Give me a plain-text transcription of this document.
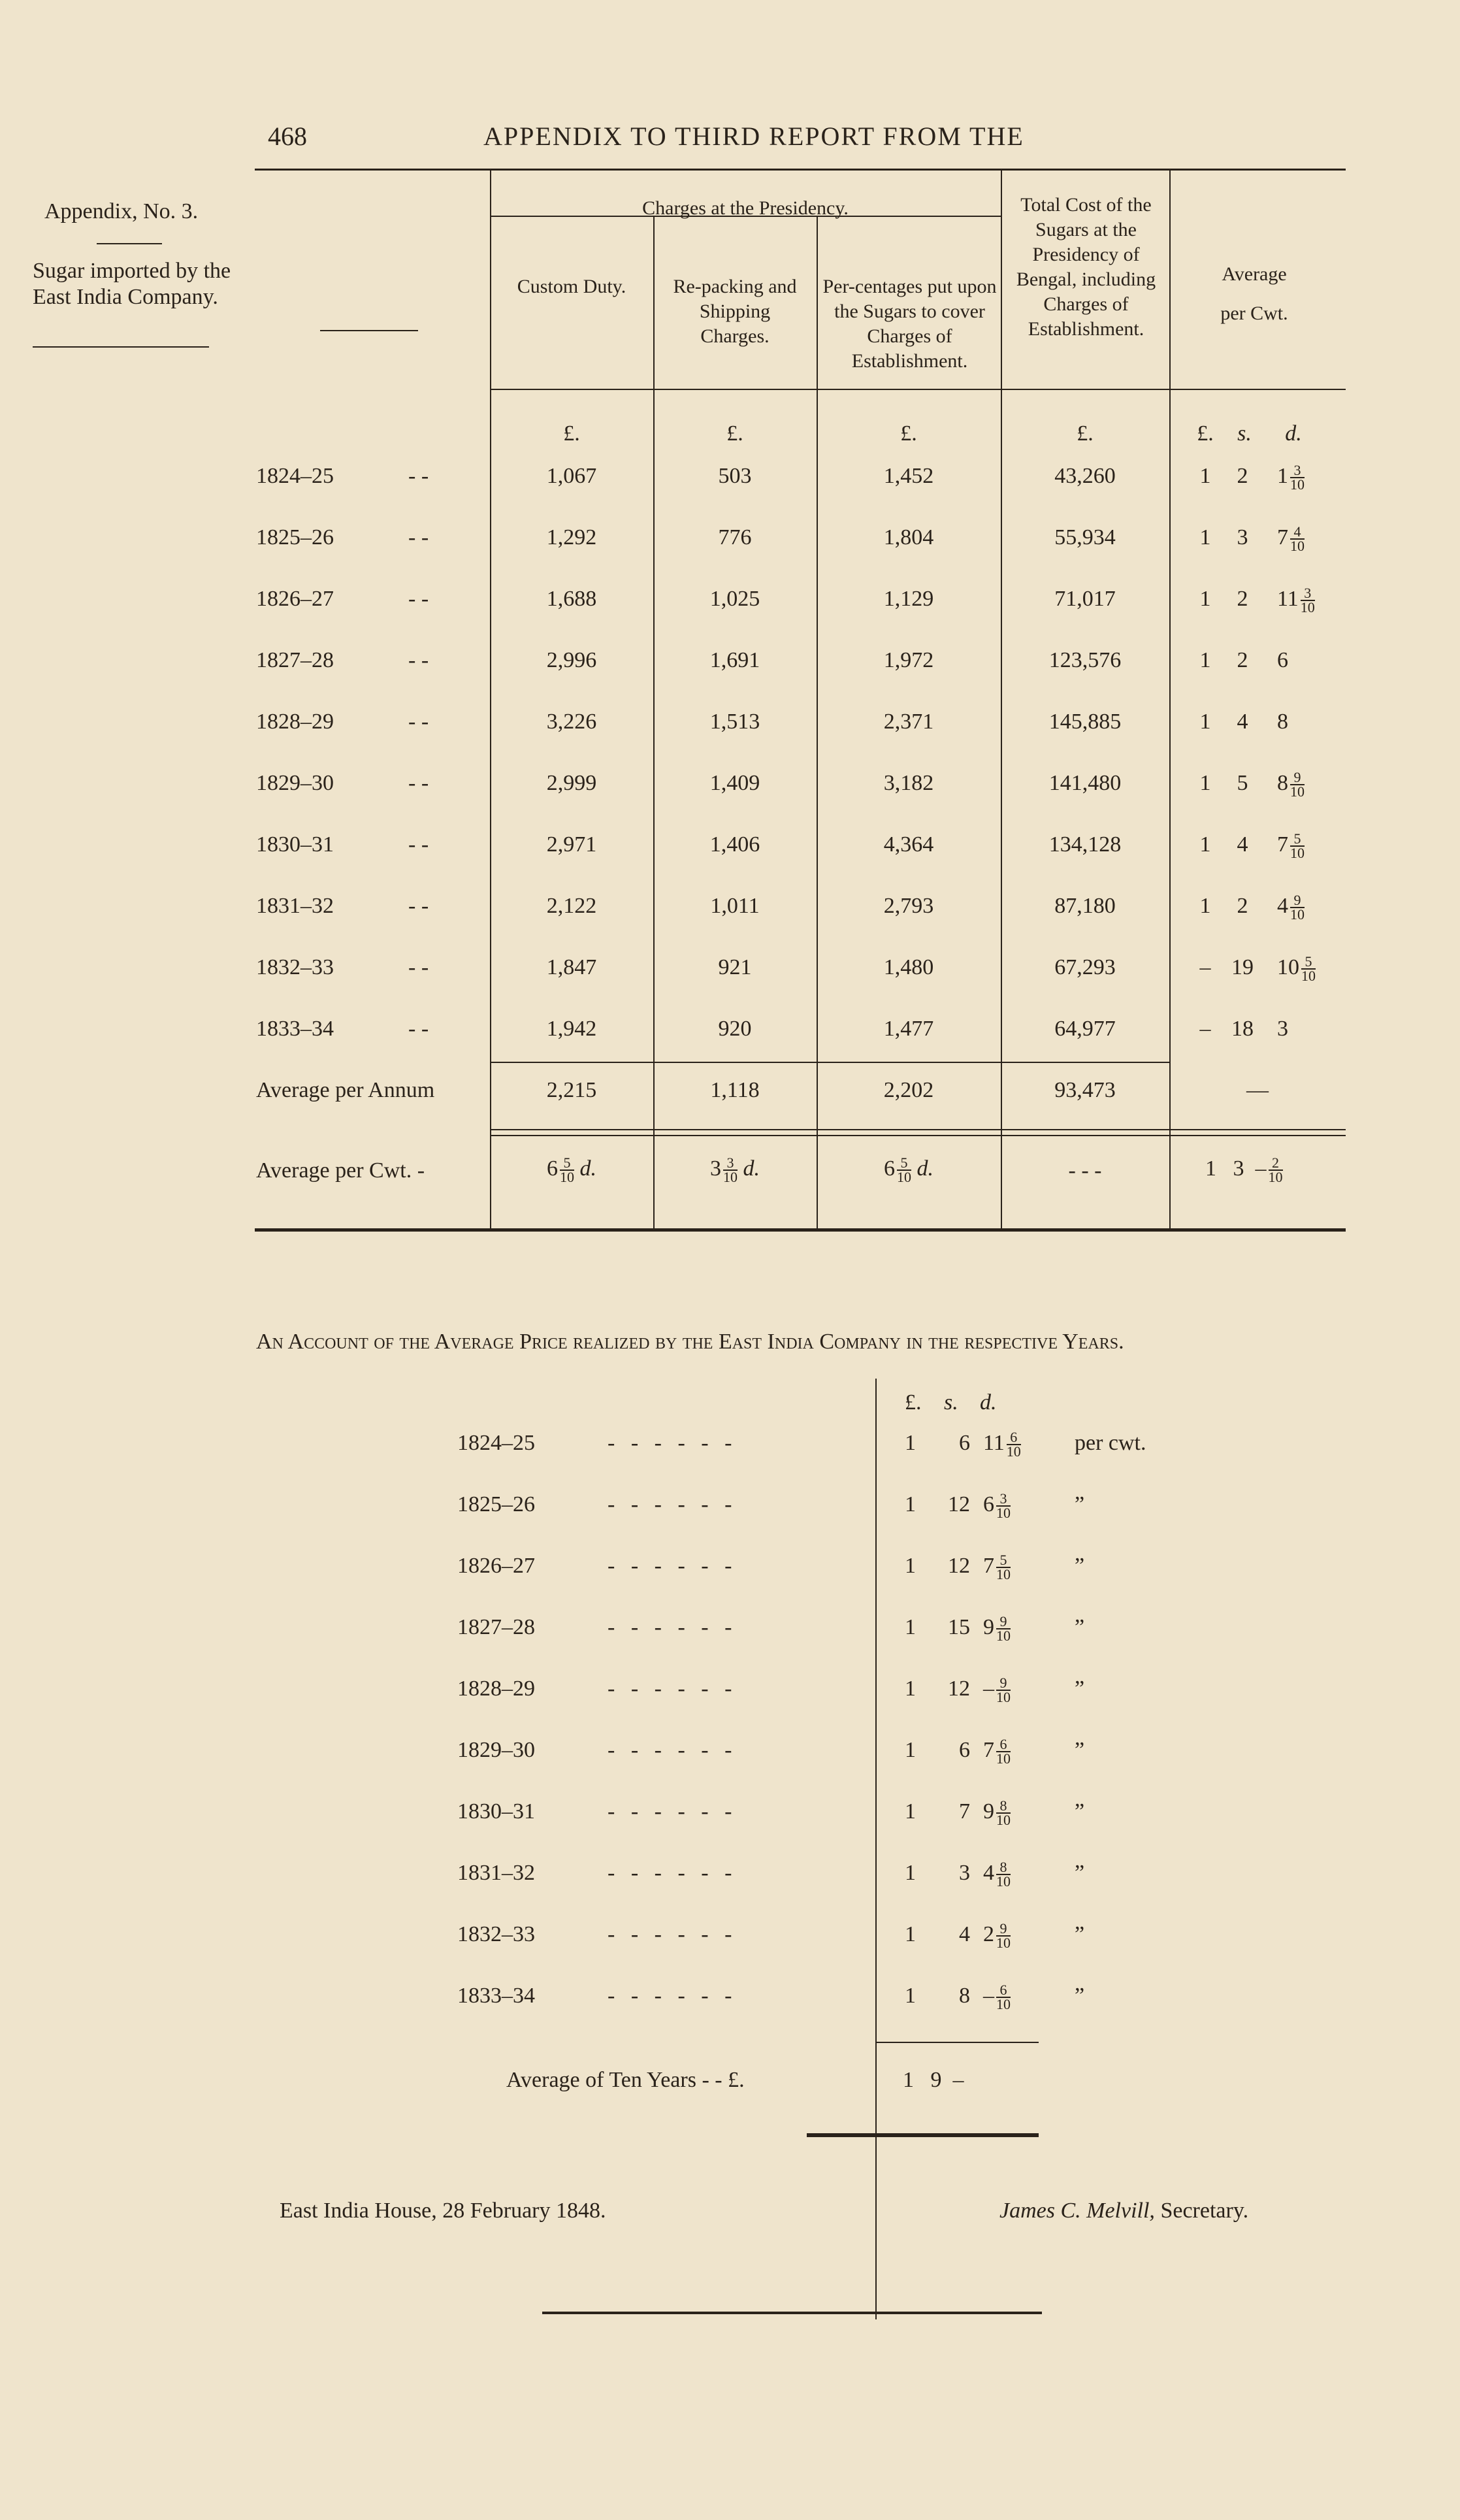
468	APPENDIX TO THIRD REPORT FROM THE
Appendix, No. 3.
Sugar imported by the East India Company.
Charges at the Presidency.
Custom Duty.	Re-packing and Shipping Charges.
Per-centages put upon the Sugars to cover Charges of Establishment.
Total Cost of the Sugars at the Presidency of Bengal, including Charges of Establishment.
Average per Cwt.
£.	£.	£.	£.	£.	s.	d.
1824–25	- -	1,067	503	1,452	43,260	1	2	$1 \frac{3}{10}$
1825–26	- -	1,292	776	1,804	55,934	1	3	$7 \frac{4}{10}$
1826–27	- -	1,688	1,025	1,129	71,017	1	2	$11 \frac{3}{10}$
1827–28	- -	2,996	1,691	1,972	123,576	1	2	6
1828–29	- -	3,226	1,513	2,371	145,885	1	4	8
1829–30	- -	2,999	1,409	3,182	141,480	1	5	$8 \frac{9}{10}$
1830–31	- -	2,971	1,406	4,364	134,128	1	4	$7 \frac{5}{10}$
1831–32	- -	2,122	1,011	2,793	87,180	1	2	$4 \frac{9}{10}$
1832–33	- -	1,847	921	1,480	67,293	– 19	$10 \frac{5}{10}$
1833–34	- -	1,942	920	1,477	64,977	– 18	3
Average per Annum	2,215	1,118	2,202	93,473	—
Average per Cwt. -	$6 \frac{5}{10} d$.	$3 \frac{3}{10} d$.	$6 \frac{5}{10} d$.	- - -	1 $3 - \frac{2}{10}$
An Account of the Average Price realized by the East India Company in the respective Years.
£. s. d.
1824–25	- - - - - -	1	6 $11 \frac{6}{10}$ per cwt.
1825–26	- - - - - -	1	12 $6 \frac{3}{10}$	”
1826–27	- - - - - -	1	12 $7 \frac{5}{10}$	”
1827–28	- - - - - -	1	15 $9 \frac{9}{10}$	”
1828–29	- - - - - -	1	$12 - \frac{9}{10}$	”
1829–30	- - - - - -	1	6 $7 \frac{6}{10}$	”
1830–31	- - - - - -	1	7 $9 \frac{8}{10}$	”
1831–32	- - - - - -	1	3 $4 \frac{8}{10}$	”
1832–33	- - - - - -	1	4 $2 \frac{9}{10}$	”
1833–34	- - - - - -	1	$8 - \frac{6}{10}$	”
Average of Ten Years - - £.	1 9 –
East India House, 28 February 1848.	James C. Melvill, Secretary.
